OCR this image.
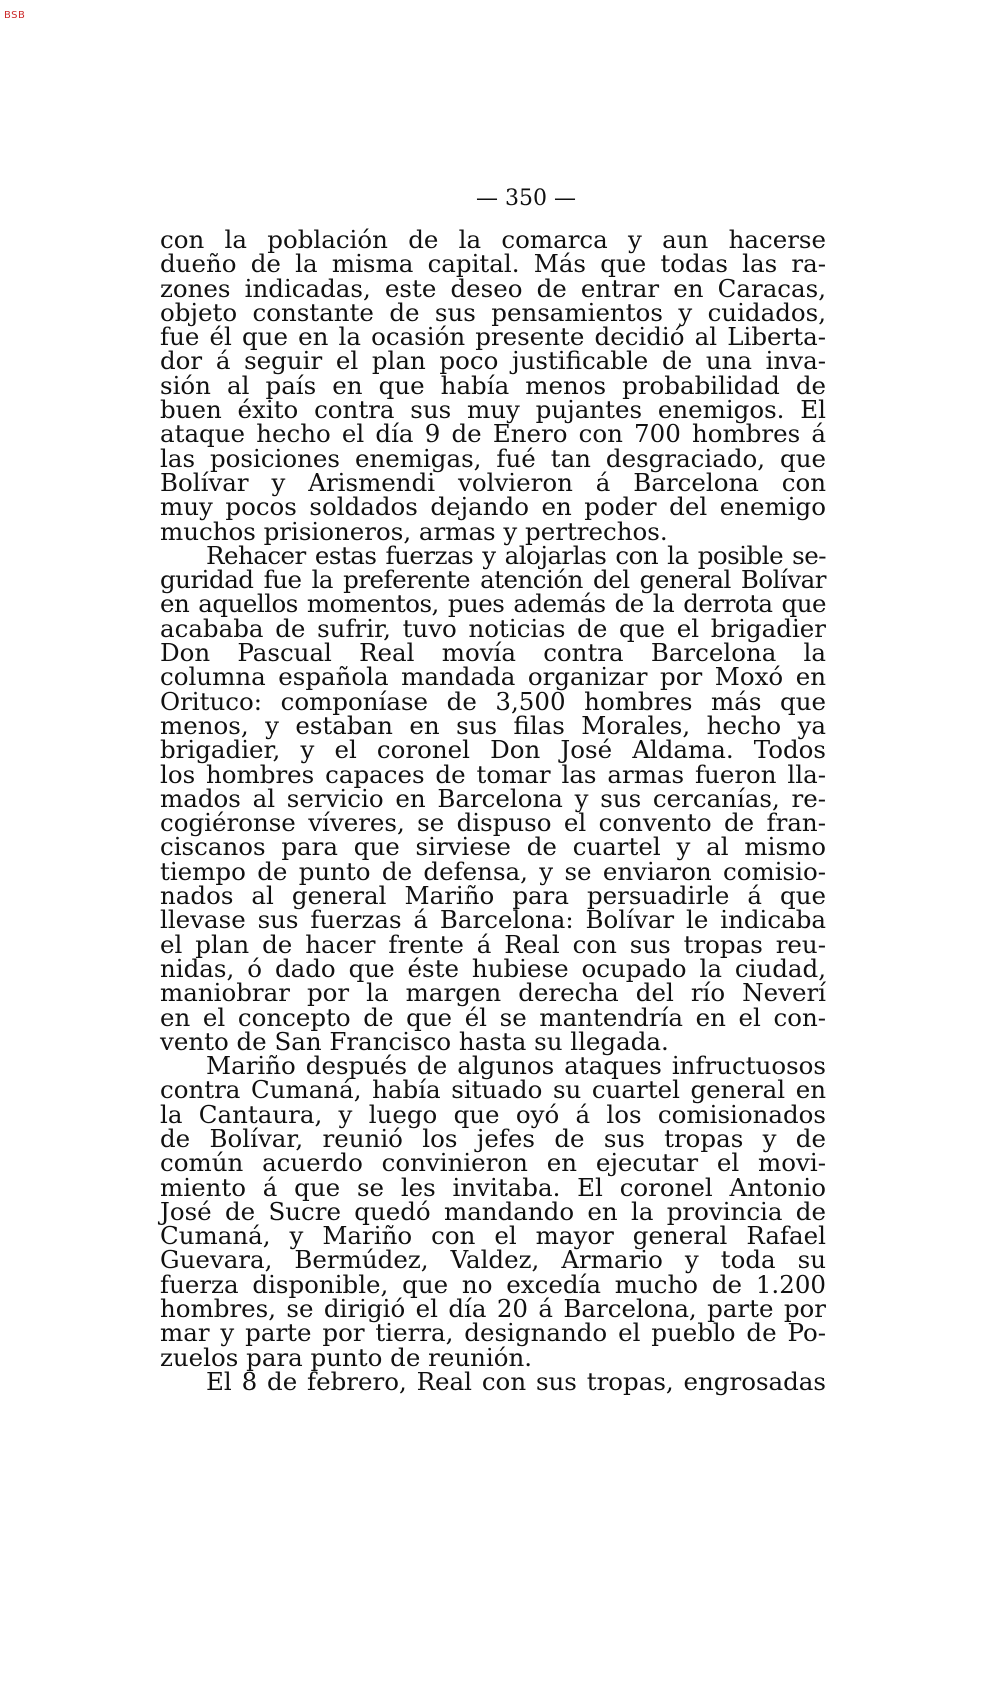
BSB
— 350 —
con la población de la comarca y aun hacerse
dueño de la misma capital. Más que todas las ra-
zones indicadas, este deseo de entrar en Caracas,
objeto constante de sus pensamientos y cuidados,
fue él que en la ocasión presente decidió al Liberta-
dor á seguir el plan poco justificable de una inva-
sión al país en que había menos probabilidad de
buen éxito contra sus muy pujantes enemigos. El
ataque hecho el día 9 de Enero con 700 hombres á
las posiciones enemigas, fué tan desgraciado, que
Bolívar y Arismendi volvieron á Barcelona con
muy pocos soldados dejando en poder del enemigo
muchos prisioneros, armas y pertrechos.
Rehacer estas fuerzas y alojarlas con la posible se-
guridad fue la preferente atención del general Bolívar
en aquellos momentos, pues además de la derrota que
acababa de sufrir, tuvo noticias de que el brigadier
Don Pascual Real movía contra Barcelona la
columna española mandada organizar por Moxó en
Orituco: componíase de 3,500 hombres más que
menos, y estaban en sus filas Morales, hecho ya
brigadier, y el coronel Don José Aldama. Todos
los hombres capaces de tomar las armas fueron lla-
mados al servicio en Barcelona y sus cercanías, re-
cogiéronse víveres, se dispuso el convento de fran-
ciscanos para que sirviese de cuartel y al mismo
tiempo de punto de defensa, y se enviaron comisio-
nados al general Mariño para persuadirle á que
llevase sus fuerzas á Barcelona: Bolívar le indicaba
el plan de hacer frente á Real con sus tropas reu-
nidas, ó dado que éste hubiese ocupado la ciudad,
maniobrar por la margen derecha del río Neverí
en el concepto de que él se mantendría en el con-
vento de San Francisco hasta su llegada.
Mariño después de algunos ataques infructuosos
contra Cumaná, había situado su cuartel general en
la Cantaura, y luego que oyó á los comisionados
de Bolívar, reunió los jefes de sus tropas y de
común acuerdo convinieron en ejecutar el movi-
miento á que se les invitaba. El coronel Antonio
José de Sucre quedó mandando en la provincia de
Cumaná, y Mariño con el mayor general Rafael
Guevara, Bermúdez, Valdez, Armario y toda su
fuerza disponible, que no excedía mucho de 1.200
hombres, se dirigió el día 20 á Barcelona, parte por
mar y parte por tierra, designando el pueblo de Po-
zuelos para punto de reunión.
El 8 de febrero, Real con sus tropas, engrosadas
